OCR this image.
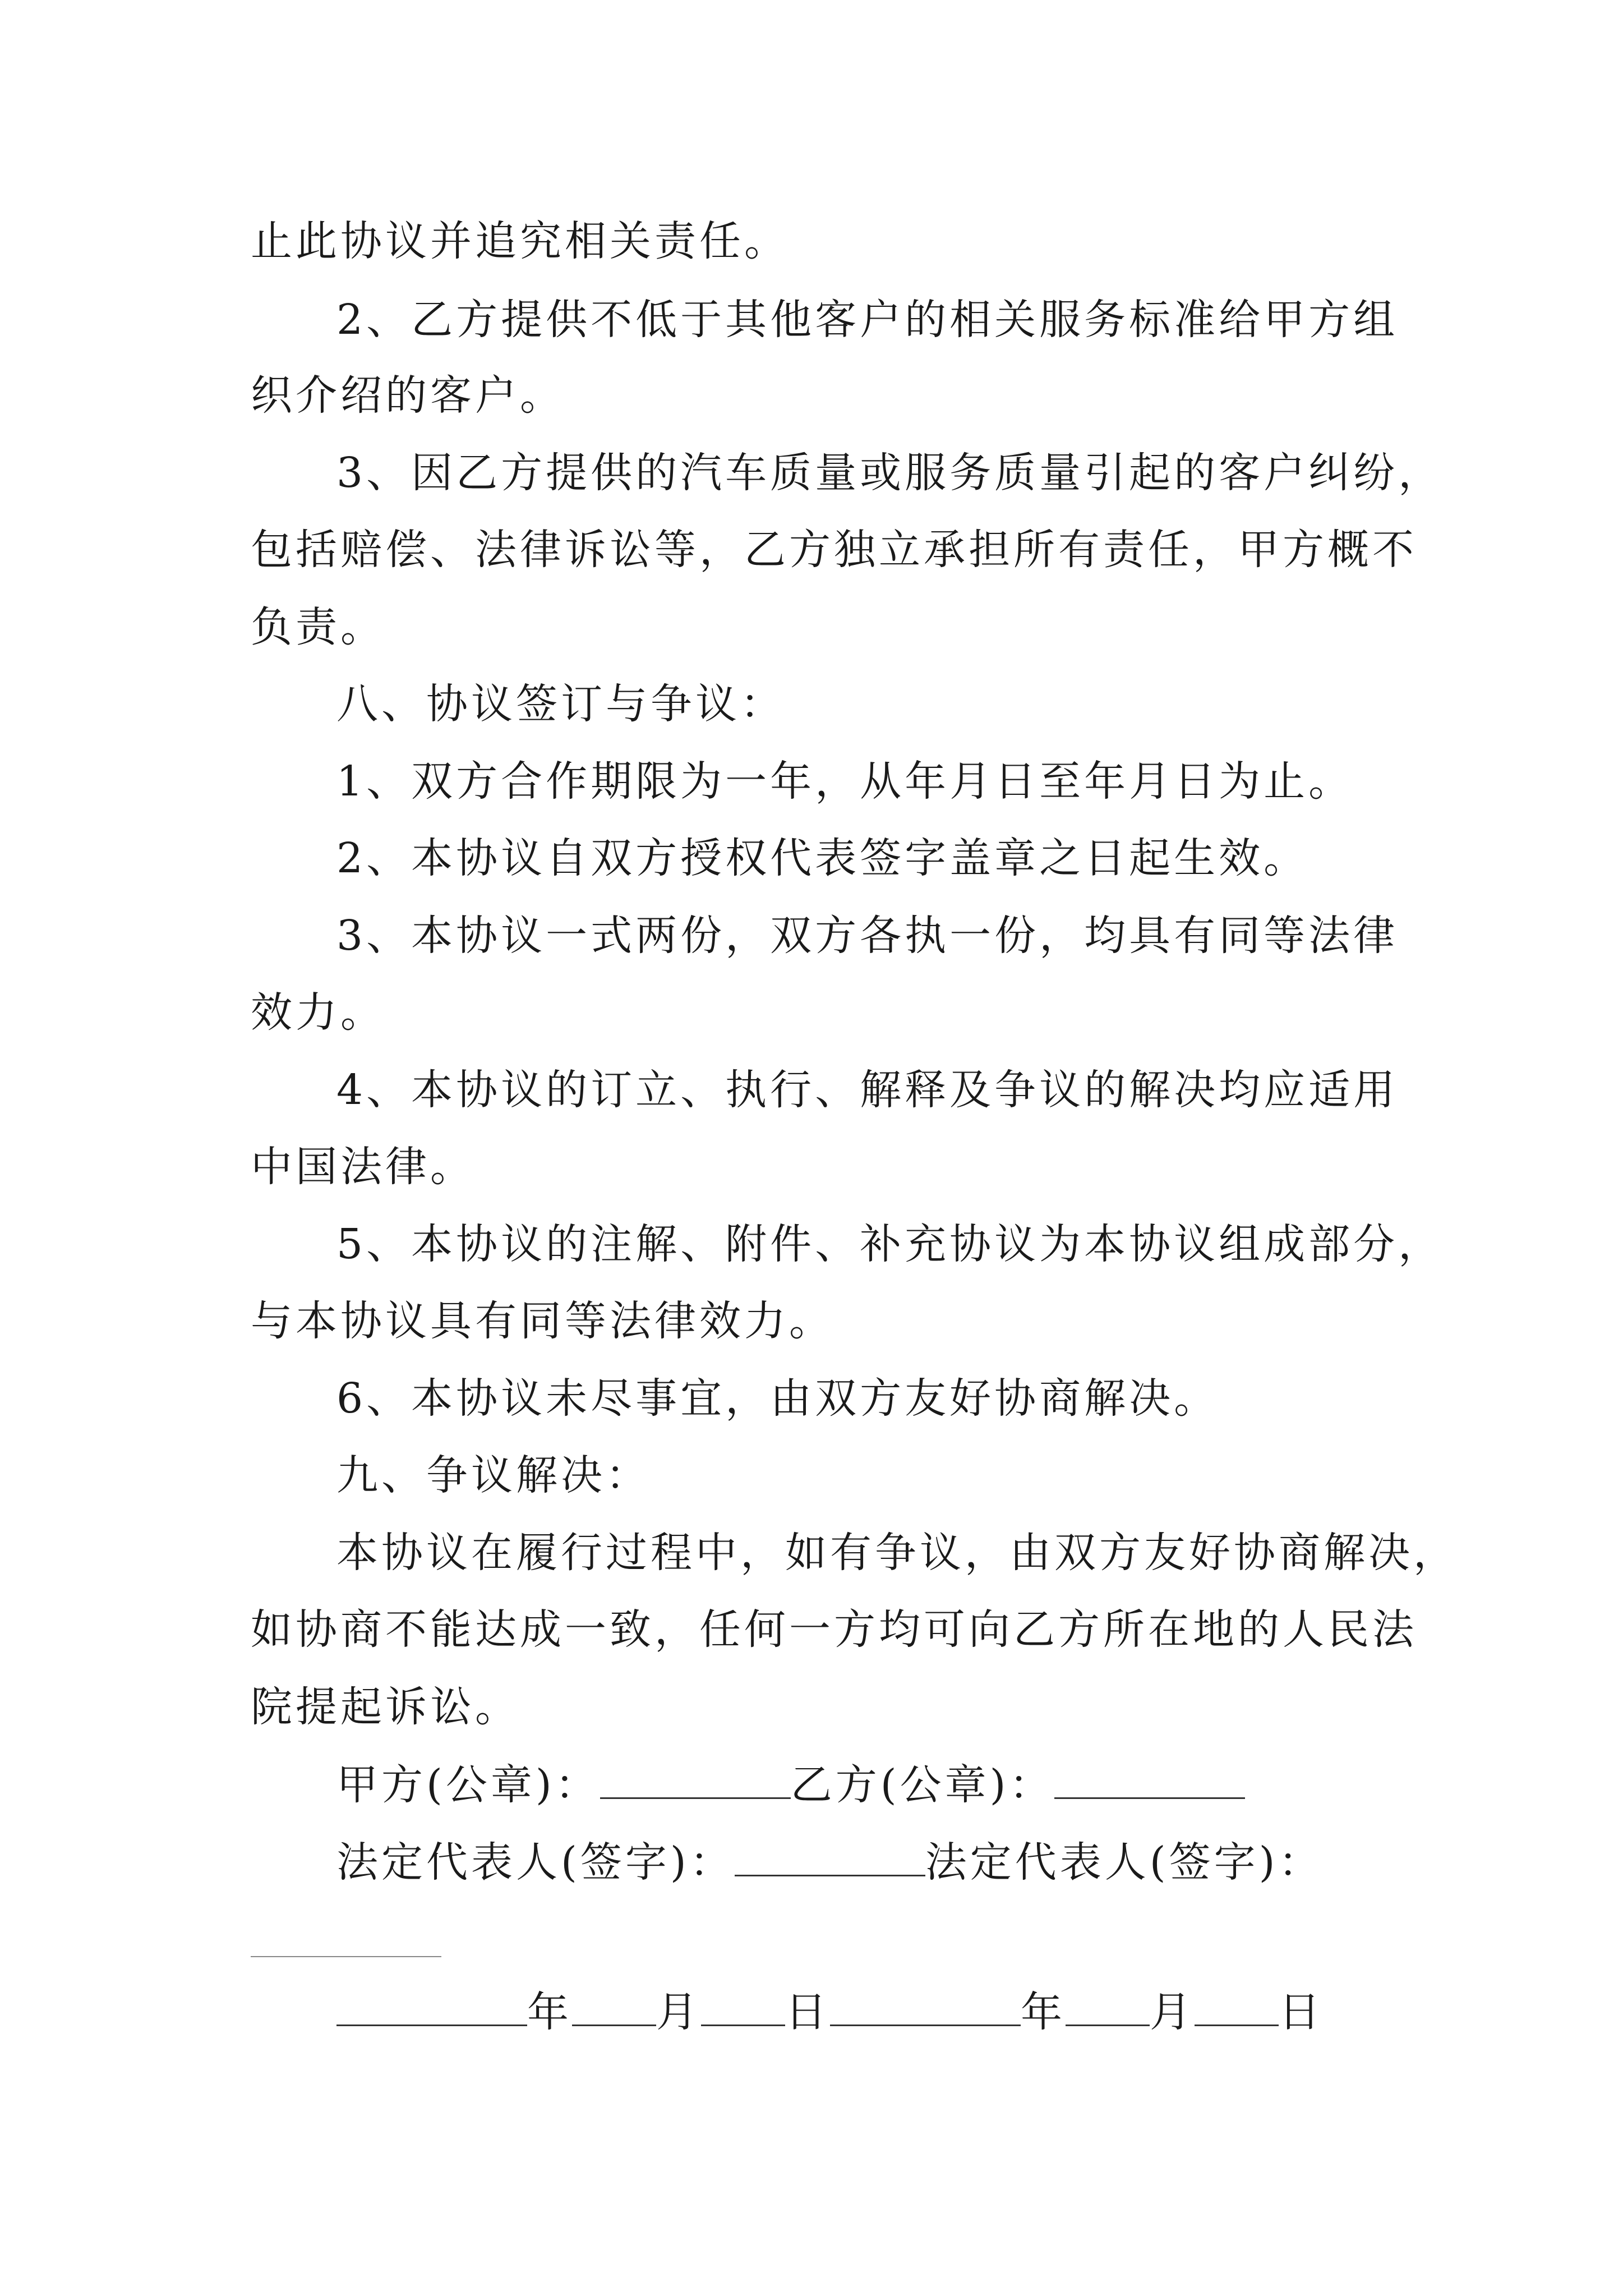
止此协议并追究相关责任。
2、乙方提供不低于其他客户的相关服务标准给甲方组
织介绍的客户。
3、因乙方提供的汽车质量或服务质量引起的客户纠纷，
包括赔偿、法律诉讼等，乙方独立承担所有责任，甲方概不
负责。
八、协议签订与争议：
1、双方合作期限为一年，从年月日至年月日为止。
2、本协议自双方授权代表签字盖章之日起生效。
3、本协议一式两份，双方各执一份，均具有同等法律
效力。
4、本协议的订立、执行、解释及争议的解决均应适用
中国法律。
5、本协议的注解、附件、补充协议为本协议组成部分，
与本协议具有同等法律效力。
6、本协议未尽事宜，由双方友好协商解决。
九、争议解决：
本协议在履行过程中，如有争议，由双方友好协商解决，
如协商不能达成一致，任何一方均可向乙方所在地的人民法
院提起诉讼。
甲方(公章)：	乙方(公章)：
法定代表人(签字)：	法定代表人(签字)：
年 月 日	年 月 日
